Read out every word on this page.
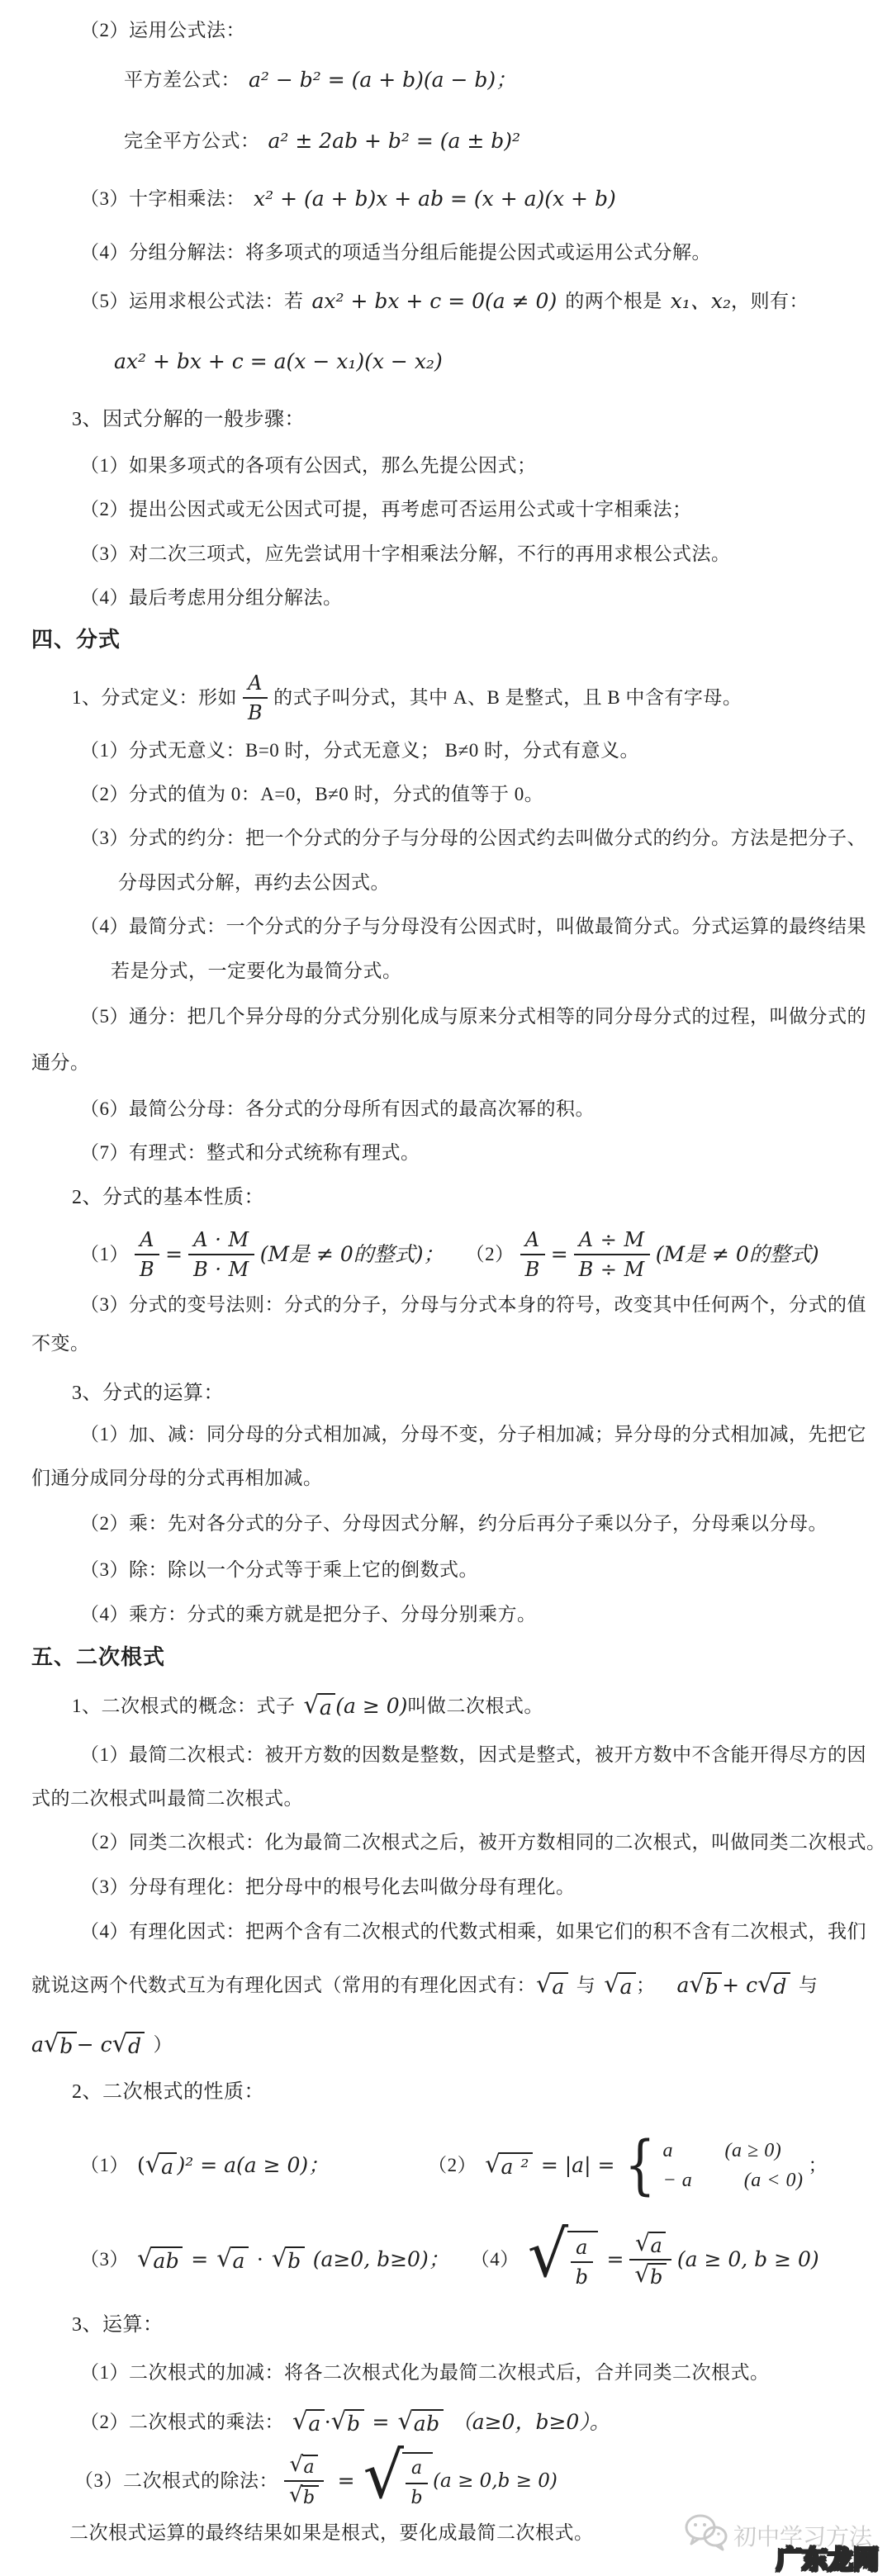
（2）运用公式法：
平方差公式： a² − b² = (a + b)(a − b)；
完全平方公式： a² ± 2ab + b² = (a ± b)²
（3）十字相乘法： x² + (a + b)x + ab = (x + a)(x + b)
（4）分组分解法：将多项式的项适当分组后能提公因式或运用公式分解。
（5）运用求根公式法：若 ax² + bx + c = 0(a ≠ 0) 的两个根是 x₁、x₂ ，则有：
ax² + bx + c = a(x − x₁)(x − x₂)
3、因式分解的一般步骤：
（1）如果多项式的各项有公因式，那么先提公因式；
（2）提出公因式或无公因式可提，再考虑可否运用公式或十字相乘法；
（3）对二次三项式，应先尝试用十字相乘法分解，不行的再用求根公式法。
（4）最后考虑用分组分解法。
四、分式
1、分式定义：形如 $\frac{A}{B}$ 的式子叫分式，其中 A、B 是整式，且 B 中含有字母。
（1）分式无意义：B=0 时，分式无意义； B≠0 时，分式有意义。
（2）分式的值为 0：A=0，B≠0 时，分式的值等于 0。
（3）分式的约分：把一个分式的分子与分母的公因式约去叫做分式的约分。方法是把分子、
分母因式分解，再约去公因式。
（4）最简分式：一个分式的分子与分母没有公因式时，叫做最简分式。分式运算的最终结果
若是分式，一定要化为最简分式。
（5）通分：把几个异分母的分式分别化成与原来分式相等的同分母分式的过程，叫做分式的
通分。
（6）最简公分母：各分式的分母所有因式的最高次幂的积。
（7）有理式：整式和分式统称有理式。
2、分式的基本性质：
$(1) \frac{A}{B} = \frac{A \cdot M}{B \cdot M} (M$是 ≠ 0的整式)； $(2) \frac{A}{B} = \frac{A \div M}{B \div M} (M$是 ≠ 0的整式)
（3）分式的变号法则：分式的分子，分母与分式本身的符号，改变其中任何两个，分式的值
不变。
3、分式的运算：
（1）加、减：同分母的分式相加减，分母不变，分子相加减；异分母的分式相加减，先把它
们通分成同分母的分式再相加减。
（2）乘：先对各分式的分子、分母因式分解，约分后再分子乘以分子，分母乘以分母。
（3）除：除以一个分式等于乘上它的倒数式。
（4）乘方：分式的乘方就是把分子、分母分别乘方。
五、二次根式
1、二次根式的概念：式子 √ a (a ≥ 0) 叫做二次根式。
（1）最简二次根式：被开方数的因数是整数，因式是整式，被开方数中不含能开得尽方的因
式的二次根式叫最简二次根式。
（2）同类二次根式：化为最简二次根式之后，被开方数相同的二次根式，叫做同类二次根式。
（3）分母有理化：把分母中的根号化去叫做分母有理化。
（4）有理化因式：把两个含有二次根式的代数式相乘，如果它们的积不含有二次根式，我们
就说这两个代数式互为有理化因式（常用的有理化因式有： √ a 与 √ a ； a √ b + c √ d 与
a √ b − c √ d ）
2、二次根式的性质：
（1） ( √ a )² = a(a ≥ 0)；	（2） √ a ² = |a| = { a	(a ≥ 0)
− a	(a < 0)
；
（3） √ ab = √ a · √ b (a≥0, b≥0)； （4） √ $\frac{a}{b} = \frac{√ a}{√ b} (a \ge 0$, b ≥ 0)
3、运算：
（1）二次根式的加减：将各二次根式化为最简二次根式后，合并同类二次根式。
（2）二次根式的乘法： √ a · √ b = √ ab （a≥0，b≥0）。
（3）二次根式的除法： $\frac{√ a}{√ b}$ = √ $\frac{a}{b} (a \ge 0,b \ge 0)$
二次根式运算的最终结果如果是根式，要化成最简二次根式。	初中学习方法
广东龙网
